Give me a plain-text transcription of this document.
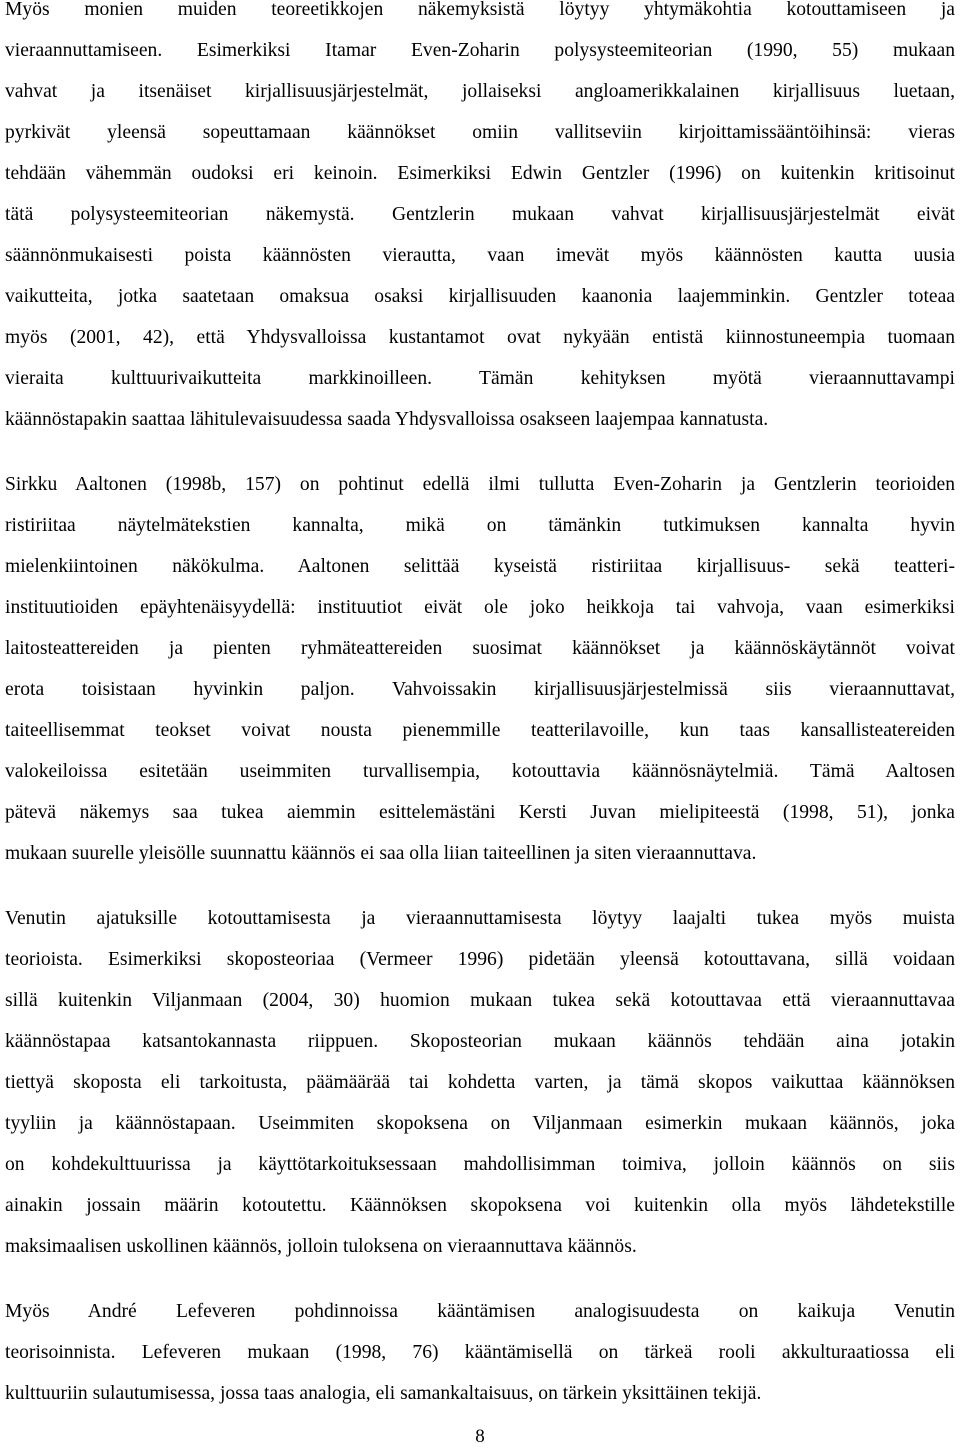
Myös monien muiden teoreetikkojen näkemyksistä löytyy yhtymäkohtia kotouttamiseen ja
vieraannuttamiseen. Esimerkiksi Itamar Even-Zoharin polysysteemiteorian (1990, 55) mukaan
vahvat ja itsenäiset kirjallisuusjärjestelmät, jollaiseksi angloamerikkalainen kirjallisuus luetaan,
pyrkivät yleensä sopeuttamaan käännökset omiin vallitseviin kirjoittamissääntöihinsä: vieras
tehdään vähemmän oudoksi eri keinoin. Esimerkiksi Edwin Gentzler (1996) on kuitenkin kritisoinut
tätä polysysteemiteorian näkemystä. Gentzlerin mukaan vahvat kirjallisuusjärjestelmät eivät
säännönmukaisesti poista käännösten vierautta, vaan imevät myös käännösten kautta uusia
vaikutteita, jotka saatetaan omaksua osaksi kirjallisuuden kaanonia laajemminkin. Gentzler toteaa
myös (2001, 42), että Yhdysvalloissa kustantamot ovat nykyään entistä kiinnostuneempia tuomaan
vieraita kulttuurivaikutteita markkinoilleen. Tämän kehityksen myötä vieraannuttavampi
käännöstapakin saattaa lähitulevaisuudessa saada Yhdysvalloissa osakseen laajempaa kannatusta.
Sirkku Aaltonen (1998b, 157) on pohtinut edellä ilmi tullutta Even-Zoharin ja Gentzlerin teorioiden
ristiriitaa näytelmätekstien kannalta, mikä on tämänkin tutkimuksen kannalta hyvin
mielenkiintoinen näkökulma. Aaltonen selittää kyseistä ristiriitaa kirjallisuus- sekä teatteri-
instituutioiden epäyhtenäisyydellä: instituutiot eivät ole joko heikkoja tai vahvoja, vaan esimerkiksi
laitosteattereiden ja pienten ryhmäteattereiden suosimat käännökset ja käännöskäytännöt voivat
erota toisistaan hyvinkin paljon. Vahvoissakin kirjallisuusjärjestelmissä siis vieraannuttavat,
taiteellisemmat teokset voivat nousta pienemmille teatterilavoille, kun taas kansallisteatereiden
valokeiloissa esitetään useimmiten turvallisempia, kotouttavia käännösnäytelmiä. Tämä Aaltosen
pätevä näkemys saa tukea aiemmin esittelemästäni Kersti Juvan mielipiteestä (1998, 51), jonka
mukaan suurelle yleisölle suunnattu käännös ei saa olla liian taiteellinen ja siten vieraannuttava.
Venutin ajatuksille kotouttamisesta ja vieraannuttamisesta löytyy laajalti tukea myös muista
teorioista. Esimerkiksi skoposteoriaa (Vermeer 1996) pidetään yleensä kotouttavana, sillä voidaan
sillä kuitenkin Viljanmaan (2004, 30) huomion mukaan tukea sekä kotouttavaa että vieraannuttavaa
käännöstapaa katsantokannasta riippuen. Skoposteorian mukaan käännös tehdään aina jotakin
tiettyä skoposta eli tarkoitusta, päämäärää tai kohdetta varten, ja tämä skopos vaikuttaa käännöksen
tyyliin ja käännöstapaan. Useimmiten skopoksena on Viljanmaan esimerkin mukaan käännös, joka
on kohdekulttuurissa ja käyttötarkoituksessaan mahdollisimman toimiva, jolloin käännös on siis
ainakin jossain määrin kotoutettu. Käännöksen skopoksena voi kuitenkin olla myös lähdetekstille
maksimaalisen uskollinen käännös, jolloin tuloksena on vieraannuttava käännös.
Myös André Lefeveren pohdinnoissa kääntämisen analogisuudesta on kaikuja Venutin
teorisoinnista. Lefeveren mukaan (1998, 76) kääntämisellä on tärkeä rooli akkulturaatiossa eli
kulttuuriin sulautumisessa, jossa taas analogia, eli samankaltaisuus, on tärkein yksittäinen tekijä.
8
